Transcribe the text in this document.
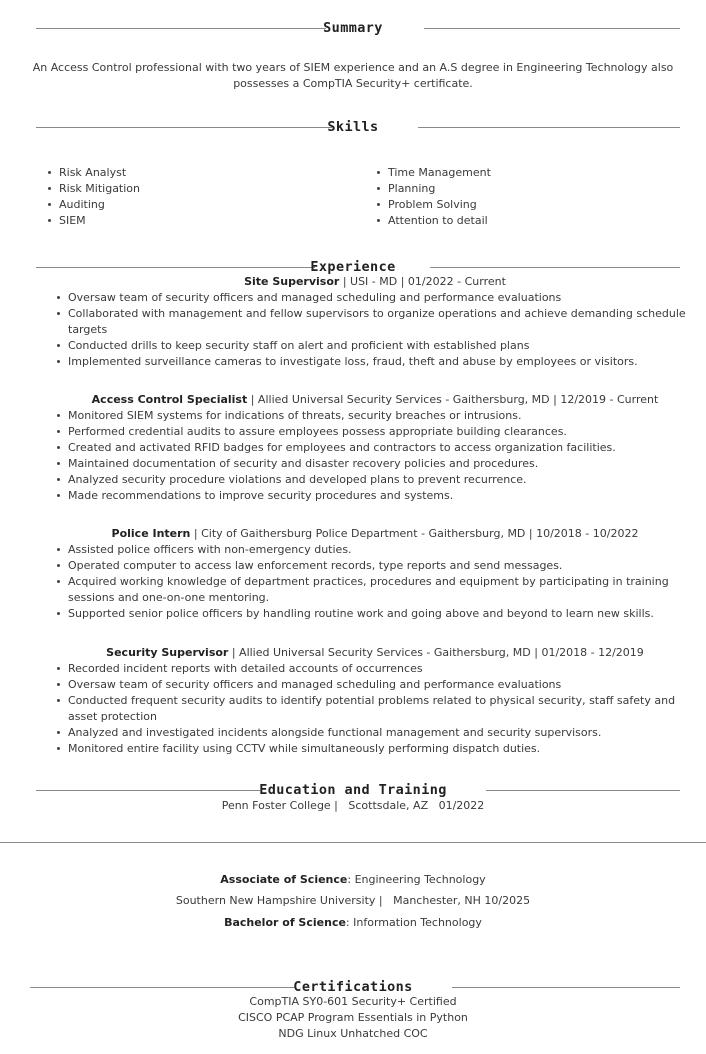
Summary
An Access Control professional with two years of SIEM experience and an A.S degree in Engineering Technology also possesses a CompTIA Security+ certificate.
Skills
Risk Analyst
Risk Mitigation
Auditing
SIEM
Time Management
Planning
Problem Solving
Attention to detail
Experience
Site Supervisor | USI - MD | 01/2022 - Current
Oversaw team of security officers and managed scheduling and performance evaluations
Collaborated with management and fellow supervisors to organize operations and achieve demanding schedule targets
Conducted drills to keep security staff on alert and proficient with established plans
Implemented surveillance cameras to investigate loss, fraud, theft and abuse by employees or visitors.
Access Control Specialist | Allied Universal Security Services - Gaithersburg, MD | 12/2019 - Current
Monitored SIEM systems for indications of threats, security breaches or intrusions.
Performed credential audits to assure employees possess appropriate building clearances.
Created and activated RFID badges for employees and contractors to access organization facilities.
Maintained documentation of security and disaster recovery policies and procedures.
Analyzed security procedure violations and developed plans to prevent recurrence.
Made recommendations to improve security procedures and systems.
Police Intern | City of Gaithersburg Police Department - Gaithersburg, MD | 10/2018 - 10/2022
Assisted police officers with non-emergency duties.
Operated computer to access law enforcement records, type reports and send messages.
Acquired working knowledge of department practices, procedures and equipment by participating in training sessions and one-on-one mentoring.
Supported senior police officers by handling routine work and going above and beyond to learn new skills.
Security Supervisor | Allied Universal Security Services - Gaithersburg, MD | 01/2018 - 12/2019
Recorded incident reports with detailed accounts of occurrences
Oversaw team of security officers and managed scheduling and performance evaluations
Conducted frequent security audits to identify potential problems related to physical security, staff safety and asset protection
Analyzed and investigated incidents alongside functional management and security supervisors.
Monitored entire facility using CCTV while simultaneously performing dispatch duties.
Education and Training
Penn Foster College |   Scottsdale, AZ   01/2022
Associate of Science: Engineering Technology
Southern New Hampshire University |   Manchester, NH 10/2025
Bachelor of Science: Information Technology
Certifications
CompTIA SY0-601 Security+ Certified
CISCO PCAP Program Essentials in Python
NDG Linux Unhatched COC
